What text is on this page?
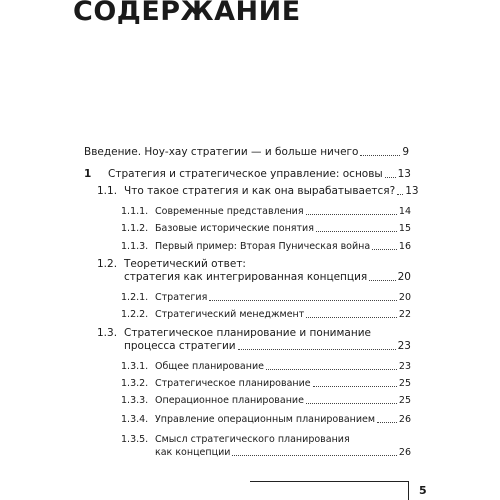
СОДЕРЖАНИЕ
Введение. Ноу-хау стратегии — и больше ничего	9
1	Стратегия и стратегическое управление: основы 13
1.1. Что такое стратегия и как она вырабатывается? 13
1.1.1. Современные представления	14
1.1.2. Базовые исторические понятия	15
1.1.3. Первый пример: Вторая Пуническая война	16
1.2. Теоретический ответ:
стратегия как интегрированная концепция	20
1.2.1. Стратегия	20
1.2.2. Стратегический менеджмент	22
1.3. Стратегическое планирование и понимание
процесса стратегии	23
1.3.1. Общее планирование	23
1.3.2. Стратегическое планирование	25
1.3.3. Операционное планирование	25
1.3.4. Управление операционным планированием	26
1.3.5. Смысл стратегического планирования
как концепции	26
5
